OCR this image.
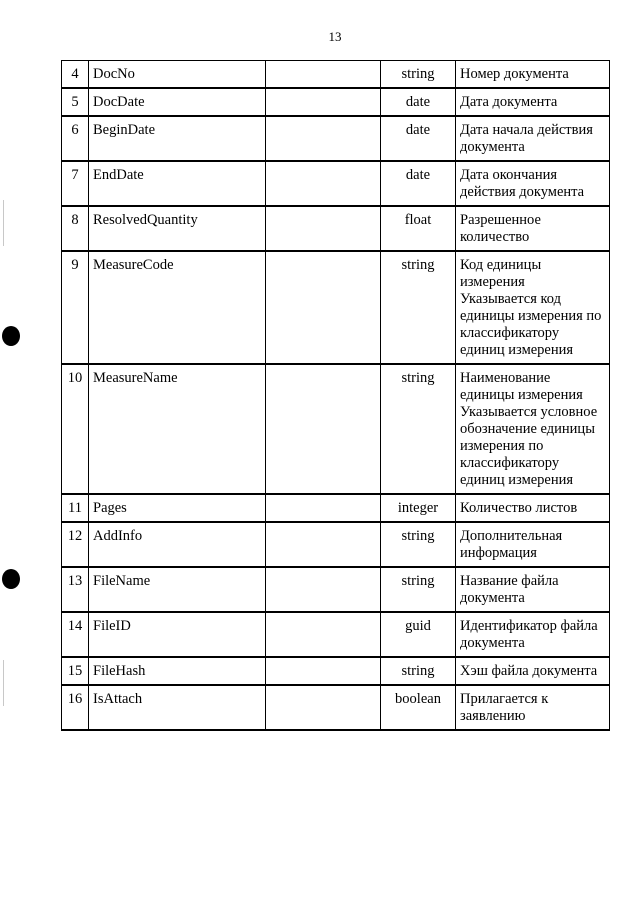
13
4	DocNo		string	Номер документа
5	DocDate		date	Дата документа
6	BeginDate		date	Дата начала действия документа
7	EndDate		date	Дата окончания действия документа
8	ResolvedQuantity		float	Разрешенное количество
9	MeasureCode		string	Код единицы измерения Указывается код единицы измерения по классификатору единиц измерения
10	MeasureName		string	Наименование единицы измерения Указывается условное обозначение единицы измерения по классификатору единиц измерения
11	Pages		integer	Количество листов
12	AddInfo		string	Дополнительная информация
13	FileName		string	Название файла документа
14	FileID		guid	Идентификатор файла документа
15	FileHash		string	Хэш файла документа
16	IsAttach		boolean	Прилагается к заявлению
